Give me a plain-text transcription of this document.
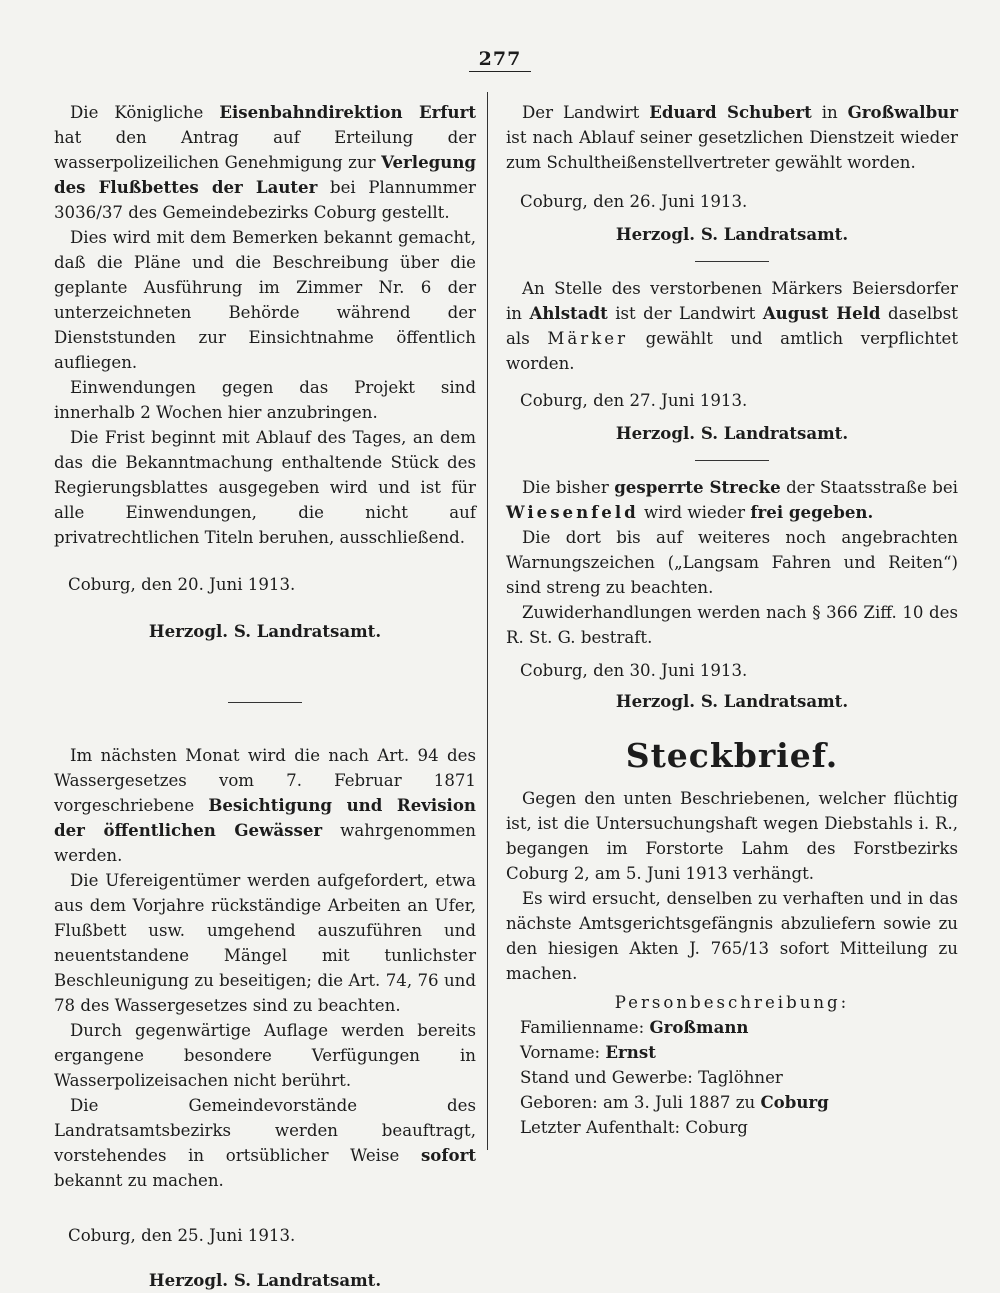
277

Die Königliche Eisenbahndirektion Erfurt hat den Antrag auf Erteilung der wasserpolizeilichen Genehmigung zur Verlegung des Flußbettes der Lauter bei Plannummer 3036/37 des Gemeindebezirks Coburg gestellt.

Dies wird mit dem Bemerken bekannt gemacht, daß die Pläne und die Beschreibung über die geplante Ausführung im Zimmer Nr. 6 der unterzeichneten Behörde während der Dienststunden zur Einsichtnahme öffentlich aufliegen.

Einwendungen gegen das Projekt sind innerhalb 2 Wochen hier anzubringen.

Die Frist beginnt mit Ablauf des Tages, an dem das die Bekanntmachung enthaltende Stück des Regierungsblattes ausgegeben wird und ist für alle Einwendungen, die nicht auf privatrechtlichen Titeln beruhen, ausschließend.

Coburg, den 20. Juni 1913.
Herzogl. S. Landratsamt.

Im nächsten Monat wird die nach Art. 94 des Wassergesetzes vom 7. Februar 1871 vorgeschriebene Besichtigung und Revision der öffentlichen Gewässer wahrgenommen werden.

Die Ufereigentümer werden aufgefordert, etwa aus dem Vorjahre rückständige Arbeiten an Ufer, Flußbett usw. umgehend auszuführen und neuentstandene Mängel mit tunlichster Beschleunigung zu beseitigen; die Art. 74, 76 und 78 des Wassergesetzes sind zu beachten.

Durch gegenwärtige Auflage werden bereits ergangene besondere Verfügungen in Wasserpolizeisachen nicht berührt.

Die Gemeindevorstände des Landratsamtsbezirks werden beauftragt, vorstehendes in ortsüblicher Weise sofort bekannt zu machen.

Coburg, den 25. Juni 1913.
Herzogl. S. Landratsamt.

Der Landwirt Eduard Schubert in Großwalbur ist nach Ablauf seiner gesetzlichen Dienstzeit wieder zum Schultheißenstellvertreter gewählt worden.

Coburg, den 26. Juni 1913.
Herzogl. S. Landratsamt.

An Stelle des verstorbenen Märkers Beiersdorfer in Ahlstadt ist der Landwirt August Held daselbst als Märker gewählt und amtlich verpflichtet worden.

Coburg, den 27. Juni 1913.
Herzogl. S. Landratsamt.

Die bisher gesperrte Strecke der Staatsstraße bei Wiesenfeld wird wieder frei gegeben.

Die dort bis auf weiteres noch angebrachten Warnungszeichen („Langsam Fahren und Reiten“) sind streng zu beachten.

Zuwiderhandlungen werden nach § 366 Ziff. 10 des R. St. G. bestraft.

Coburg, den 30. Juni 1913.
Herzogl. S. Landratsamt.
Steckbrief.

Gegen den unten Beschriebenen, welcher flüchtig ist, ist die Untersuchungshaft wegen Diebstahls i. R., begangen im Forstorte Lahm des Forstbezirks Coburg 2, am 5. Juni 1913 verhängt.

Es wird ersucht, denselben zu verhaften und in das nächste Amtsgerichtsgefängnis abzuliefern sowie zu den hiesigen Akten J. 765/13 sofort Mitteilung zu machen.

Personbeschreibung:
Familienname: Großmann
Vorname: Ernst
Stand und Gewerbe: Taglöhner
Geboren: am 3. Juli 1887 zu Coburg
Letzter Aufenthalt: Coburg
